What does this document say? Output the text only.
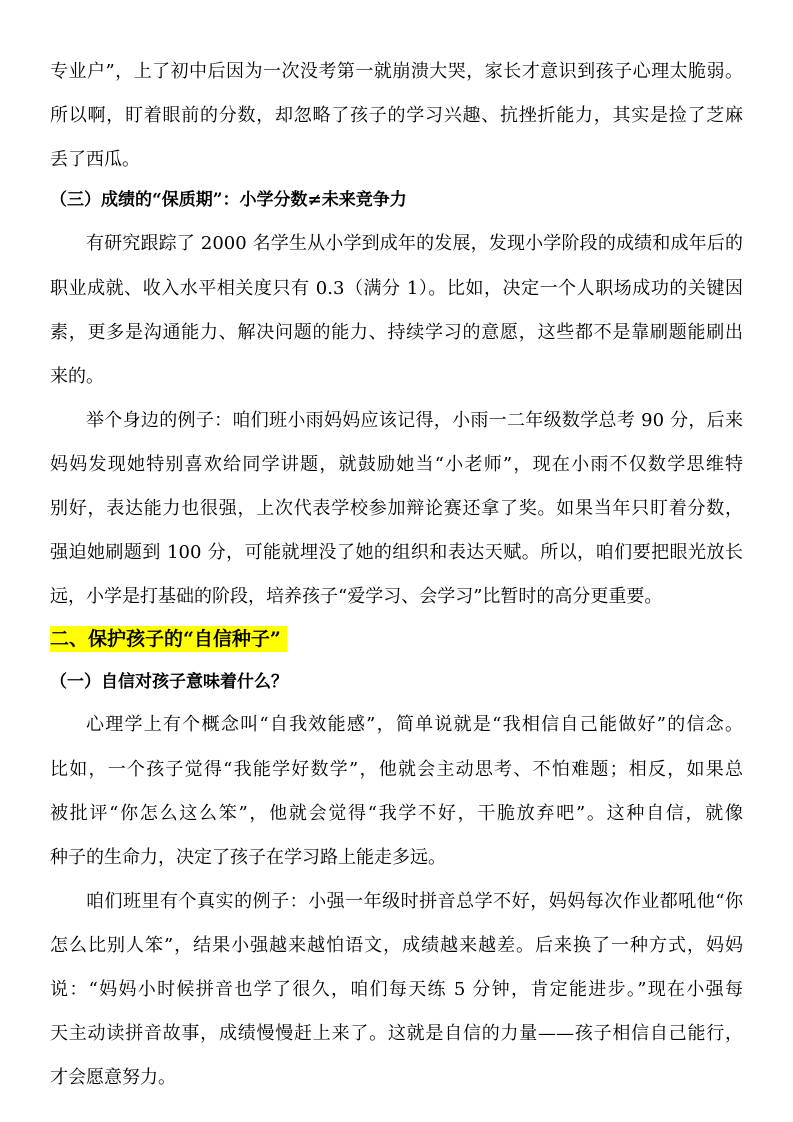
专业户”，上了初中后因为一次没考第一就崩溃大哭，家长才意识到孩子心理太脆弱。
所以啊，盯着眼前的分数，却忽略了孩子的学习兴趣、抗挫折能力，其实是捡了芝麻
丢了西瓜。
（三）成绩的“保质期”：小学分数≠未来竞争力
有研究跟踪了 2000 名学生从小学到成年的发展，发现小学阶段的成绩和成年后的
职业成就、收入水平相关度只有 0.3（满分 1）。比如，决定一个人职场成功的关键因
素，更多是沟通能力、解决问题的能力、持续学习的意愿，这些都不是靠刷题能刷出
来的。
举个身边的例子：咱们班小雨妈妈应该记得，小雨一二年级数学总考 90 分，后来
妈妈发现她特别喜欢给同学讲题，就鼓励她当“小老师”，现在小雨不仅数学思维特
别好，表达能力也很强，上次代表学校参加辩论赛还拿了奖。如果当年只盯着分数，
强迫她刷题到 100 分，可能就埋没了她的组织和表达天赋。所以，咱们要把眼光放长
远，小学是打基础的阶段，培养孩子“爱学习、会学习”比暂时的高分更重要。
二、保护孩子的“自信种子”
（一）自信对孩子意味着什么？
心理学上有个概念叫“自我效能感”，简单说就是“我相信自己能做好”的信念。
比如，一个孩子觉得“我能学好数学”，他就会主动思考、不怕难题；相反，如果总
被批评“你怎么这么笨”，他就会觉得“我学不好，干脆放弃吧”。这种自信，就像
种子的生命力，决定了孩子在学习路上能走多远。
咱们班里有个真实的例子：小强一年级时拼音总学不好，妈妈每次作业都吼他“你
怎么比别人笨”，结果小强越来越怕语文，成绩越来越差。后来换了一种方式，妈妈
说：“妈妈小时候拼音也学了很久，咱们每天练 5 分钟，肯定能进步。”现在小强每
天主动读拼音故事，成绩慢慢赶上来了。这就是自信的力量——孩子相信自己能行，
才会愿意努力。
